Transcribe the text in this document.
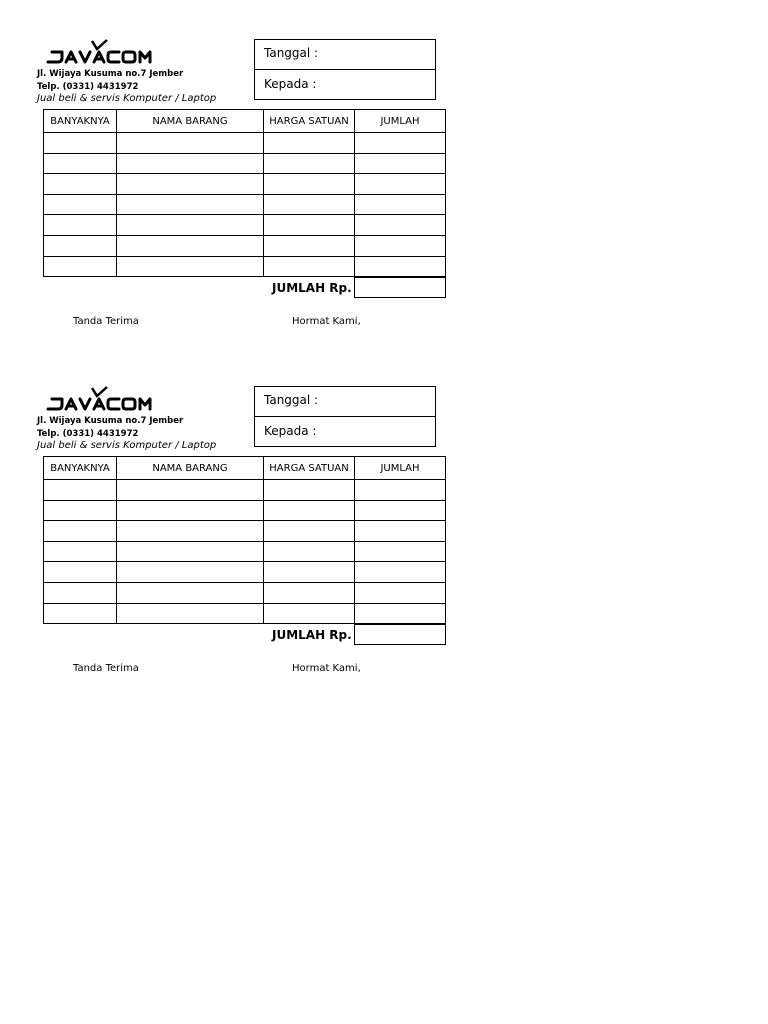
Jl. Wijaya Kusuma no.7 Jember
Telp. (0331) 4431972
Jual beli & servis Komputer / Laptop
Tanggal :
Kepada :
BANYAKNYA	NAMA BARANG	HARGA SATUAN	JUMLAH

JUMLAH Rp.
Tanda Terima	Hormat Kami,
Jl. Wijaya Kusuma no.7 Jember
Telp. (0331) 4431972
Jual beli & servis Komputer / Laptop
Tanggal :
Kepada :
BANYAKNYA	NAMA BARANG	HARGA SATUAN	JUMLAH

JUMLAH Rp.
Tanda Terima	Hormat Kami,
